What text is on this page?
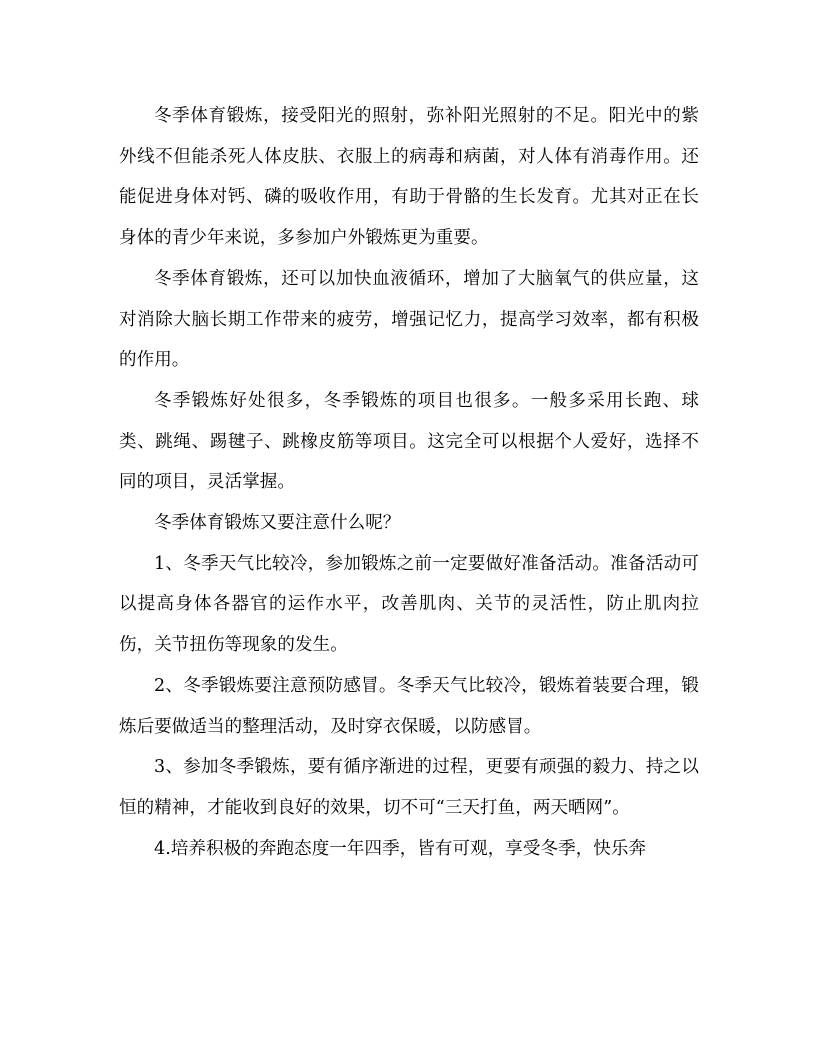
冬季体育锻炼，接受阳光的照射，弥补阳光照射的不足。阳光中的紫外线不但能杀死人体皮肤、衣服上的病毒和病菌，对人体有消毒作用。还能促进身体对钙、磷的吸收作用，有助于骨骼的生长发育。尤其对正在长身体的青少年来说，多参加户外锻炼更为重要。

冬季体育锻炼，还可以加快血液循环，增加了大脑氧气的供应量，这对消除大脑长期工作带来的疲劳，增强记忆力，提高学习效率，都有积极的作用。

冬季锻炼好处很多，冬季锻炼的项目也很多。一般多采用长跑、球类、跳绳、踢毽子、跳橡皮筋等项目。这完全可以根据个人爱好，选择不同的项目，灵活掌握。

冬季体育锻炼又要注意什么呢？

1、冬季天气比较冷，参加锻炼之前一定要做好准备活动。准备活动可以提高身体各器官的运作水平，改善肌肉、关节的灵活性，防止肌肉拉伤，关节扭伤等现象的发生。

2、冬季锻炼要注意预防感冒。冬季天气比较冷，锻炼着装要合理，锻炼后要做适当的整理活动，及时穿衣保暖，以防感冒。

3、参加冬季锻炼，要有循序渐进的过程，更要有顽强的毅力、持之以恒的精神，才能收到良好的效果，切不可“三天打鱼，两天晒网”。

4.培养积极的奔跑态度一年四季，皆有可观，享受冬季，快乐奔
